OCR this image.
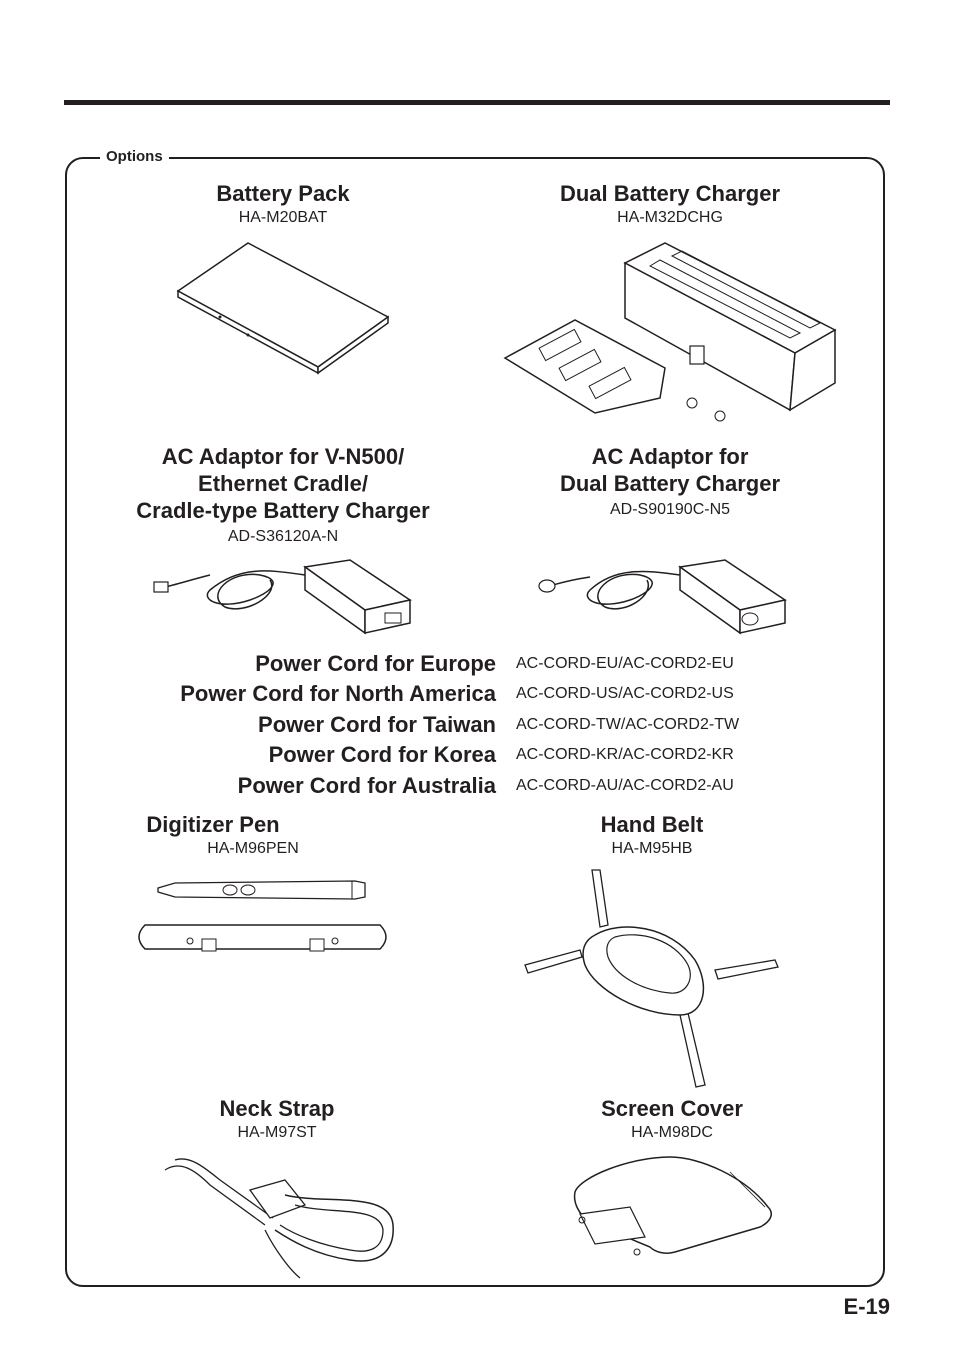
Options
Battery Pack
HA-M20BAT
Dual Battery Charger
HA-M32DCHG
AC Adaptor for V-N500/
Ethernet Cradle/
Cradle-type Battery Charger
AD-S36120A-N
AC Adaptor for
Dual Battery Charger
AD-S90190C-N5
Power Cord for Europe AC-CORD-EU/AC-CORD2-EU
Power Cord for North America AC-CORD-US/AC-CORD2-US
Power Cord for Taiwan AC-CORD-TW/AC-CORD2-TW
Power Cord for Korea AC-CORD-KR/AC-CORD2-KR
Power Cord for Australia AC-CORD-AU/AC-CORD2-AU
Digitizer Pen
HA-M96PEN
Hand Belt
HA-M95HB
Neck Strap
HA-M97ST
Screen Cover
HA-M98DC
E-19
